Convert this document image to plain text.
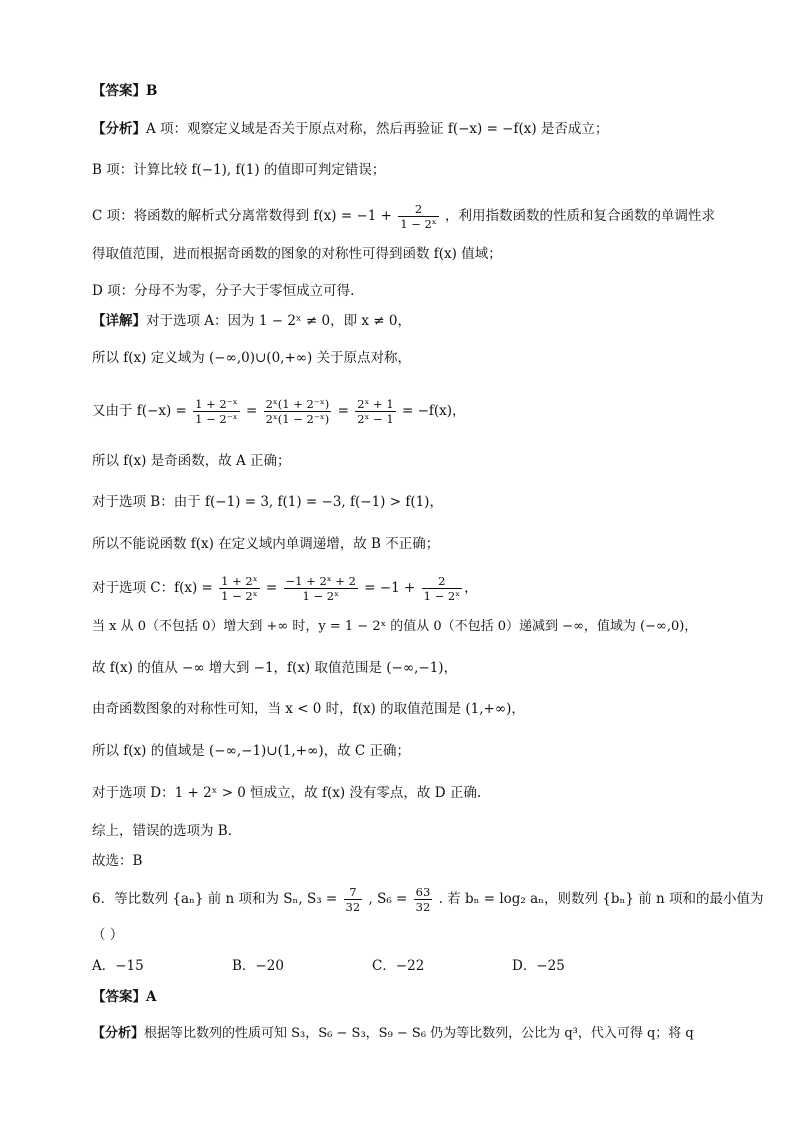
【答案】B
【分析】A 项：观察定义域是否关于原点对称，然后再验证 f(−x) = −f(x) 是否成立；
B 项：计算比较 f(−1), f(1) 的值即可判定错误；
C 项：将函数的解析式分离常数得到 $f(x) = -1 + \frac{2}{\text{1 − 2ˣ}}$ ，利用指数函数的性质和复合函数的单调性求
得取值范围，进而根据奇函数的图象的对称性可得到函数 f(x) 值域；
D 项：分母不为零，分子大于零恒成立可得.
【详解】对于选项 A：因为 1 − 2ˣ ≠ 0，即 x ≠ 0，
所以 f(x) 定义域为 (−∞,0)∪(0,+∞) 关于原点对称，
又由于 $f(-x) = \frac{\text{1 + 2⁻ˣ}}{\text{1 − 2⁻ˣ}} = \frac{\text{2ˣ(1 + 2⁻ˣ)}}{\text{2ˣ(1 − 2⁻ˣ)}} = \frac{\text{2ˣ + 1}}{\text{2ˣ − 1}} = -f(x)$，
所以 f(x) 是奇函数，故 A 正确；
对于选项 B：由于 f(−1) = 3, f(1) = −3, f(−1) > f(1)，
所以不能说函数 f(x) 在定义域内单调递增，故 B 不正确；
对于选项 C：$f(x) = \frac{\text{1 + 2ˣ}}{\text{1 − 2ˣ}} = \frac{\text{−1 + 2ˣ + 2}}{\text{1 − 2ˣ}} = -1 + \frac{2}{\text{1 − 2ˣ}}$ ，
当 x 从 0（不包括 0）增大到 +∞ 时，y = 1 − 2ˣ 的值从 0（不包括 0）递减到 −∞，值域为 (−∞,0)，
故 f(x) 的值从 −∞ 增大到 −1，f(x) 取值范围是 (−∞,−1)，
由奇函数图象的对称性可知，当 x < 0 时，f(x) 的取值范围是 (1,+∞)，
所以 f(x) 的值域是 (−∞,−1)∪(1,+∞)，故 C 正确；
对于选项 D：1 + 2ˣ > 0 恒成立，故 f(x) 没有零点，故 D 正确.
综上，错误的选项为 B.
故选：B
6．等比数列 {aₙ} 前 n 项和为 Sₙ, $S_3 = \frac{7}{32}$ , $S_6 = \frac{63}{32}$ . 若 bₙ = log₂ aₙ，则数列 {bₙ} 前 n 项和的最小值为
（ ）
A．−15	B．−20	C．−22	D．−25
【答案】A
【分析】根据等比数列的性质可知 S₃，S₆ − S₃，S₉ − S₆ 仍为等比数列，公比为 q³，代入可得 q；将 q
